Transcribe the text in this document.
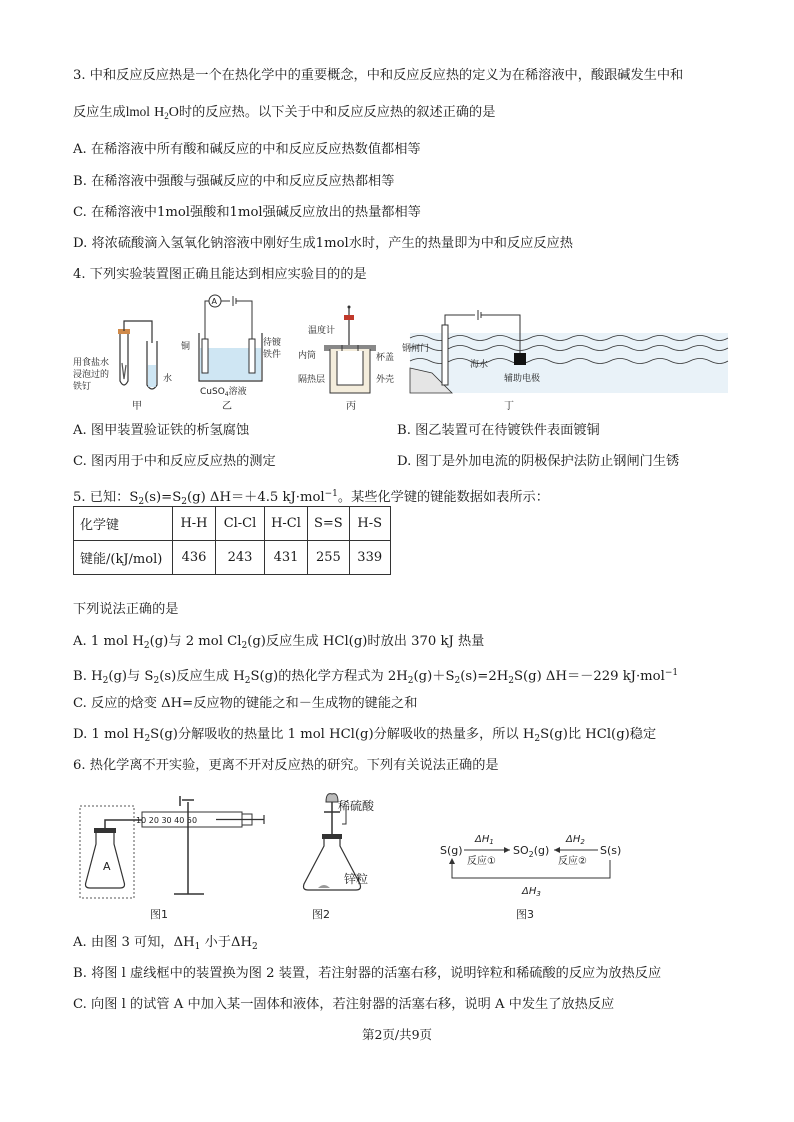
3. 中和反应反应热是一个在热化学中的重要概念，中和反应反应热的定义为在稀溶液中，酸跟碱发生中和
反应生成lmol $H_2O$时的反应热。以下关于中和反应反应热的叙述正确的是
A. 在稀溶液中所有酸和碱反应的中和反应反应热数值都相等
B. 在稀溶液中强酸与强碱反应的中和反应反应热都相等
C. 在稀溶液中1mol强酸和1mol强碱反应放出的热量都相等
D. 将浓硫酸滴入氢氧化钠溶液中刚好生成1mol水时，产生的热量即为中和反应反应热
4. 下列实验装置图正确且能达到相应实验目的的是
用食盐水
浸泡过的
铁钉
水
甲
A
铜	待镀
铁件
CuSO$_4$溶液
乙
温度计
内筒	杯盖
隔热层	外壳
丙
钢闸门
海水
辅助电极
丁
A. 图甲装置验证铁的析氢腐蚀	B. 图乙装置可在待镀铁件表面镀铜
C. 图丙用于中和反应反应热的测定	D. 图丁是外加电流的阴极保护法防止钢闸门生锈
5. 已知：$S_2(s)=S_2(g)$ ΔH＝＋4.5 kJ·mol$^{-1}$。某些化学键的键能数据如表所示：
化学键	H-H	Cl-Cl	H-Cl	S=S	H-S
键能/(kJ/mol)	436	243	431	255	339
下列说法正确的是
A. 1 mol $H_2(g)$与 2 mol $Cl_2(g)$反应生成 HCl(g)时放出 370 kJ 热量
B. $H_2(g)$与 $S_2(s)$反应生成 $H_2S(g)$的热化学方程式为 $2H_2(g)+S_2(s)=2H_2S(g)$ ΔH＝－229 kJ·mol$^{-1}$
C. 反应的焓变 ΔH=反应物的键能之和－生成物的键能之和
D. 1 mol $H_2S(g)$分解吸收的热量比 1 mol HCl(g)分解吸收的热量多，所以 $H_2S(g)$比 HCl(g)稳定
6. 热化学离不开实验，更离不开对反应热的研究。下列有关说法正确的是
A
10 20 30 40 50
图1
稀硫酸
锌粒
图2
S(g)	$SO_2(g)$	S(s)
$\Delta H_1$
反应①
$\Delta H_2$
反应②
$\Delta H_3$
图3
A. 由图 3 可知，$\Delta H_1$ 小于$\Delta H_2$
B. 将图 l 虚线框中的装置换为图 2 装置，若注射器的活塞右移，说明锌粒和稀硫酸的反应为放热反应
C. 向图 l 的试管 A 中加入某一固体和液体，若注射器的活塞右移，说明 A 中发生了放热反应
第2页/共9页
